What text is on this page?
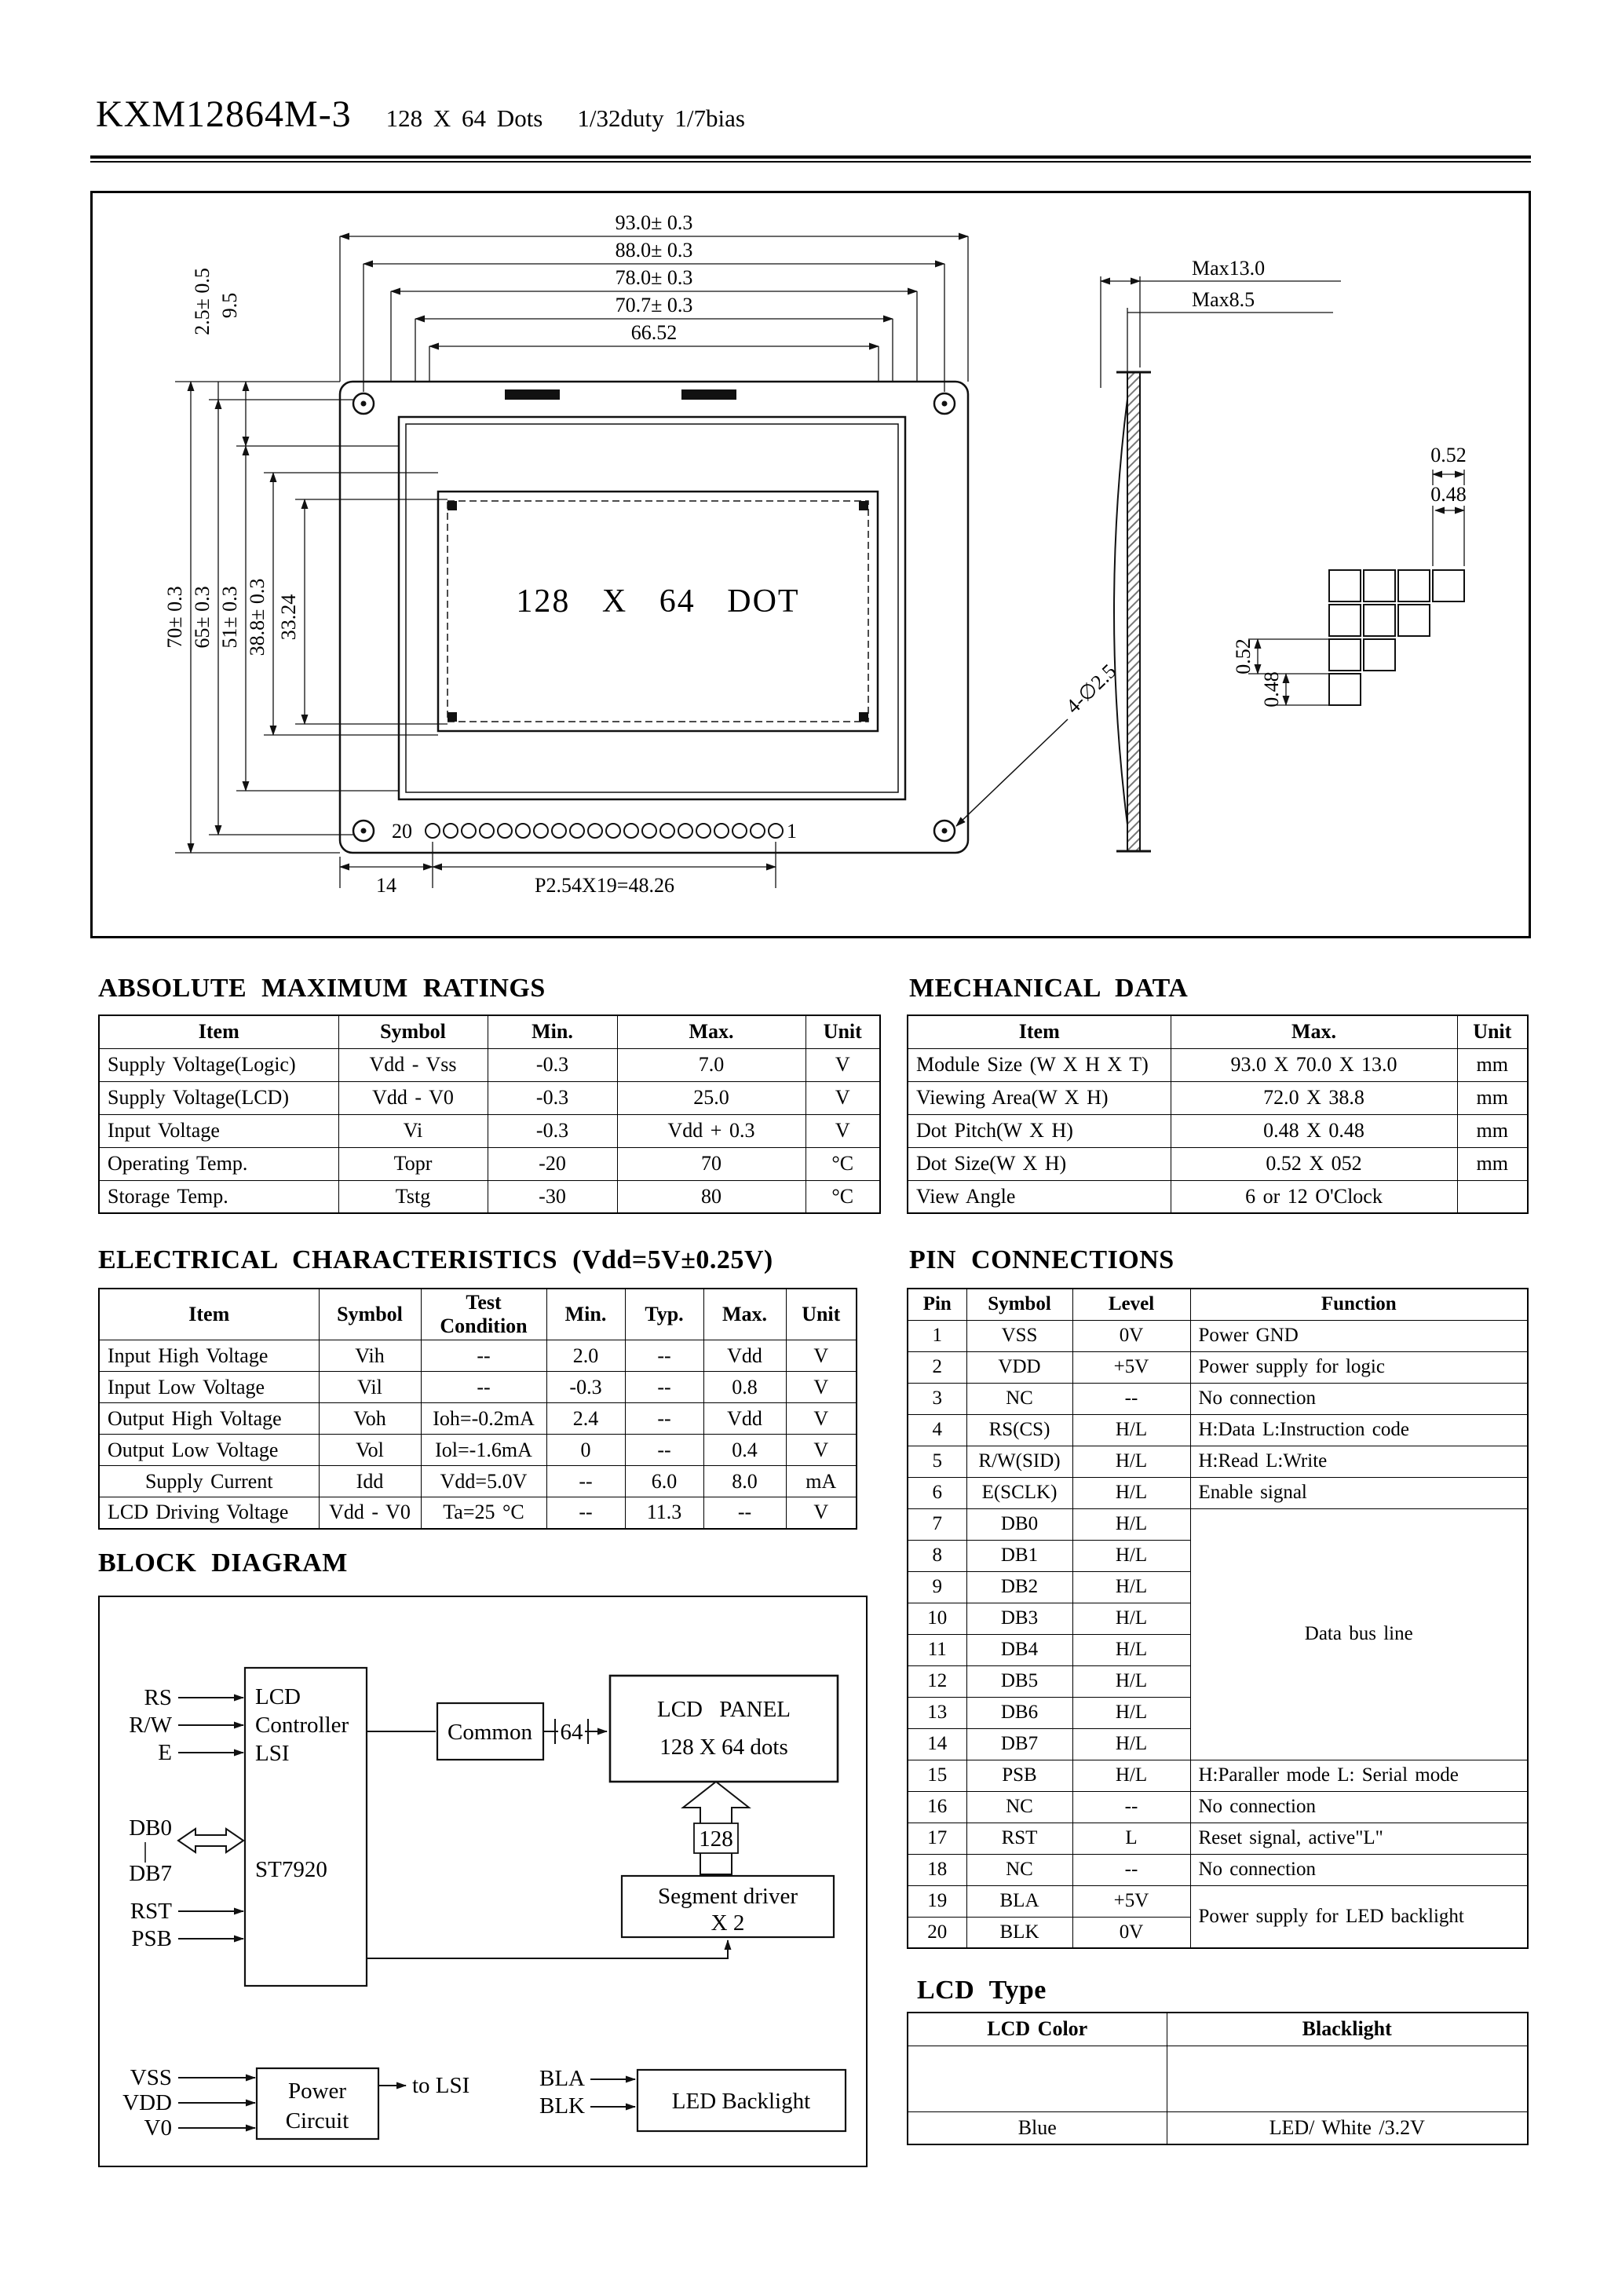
KXM12864M-3 128 X 64 Dots 1/32duty 1/7bias
128 X 64 DOT
20	1
93.0± 0.3
88.0± 0.3
78.0± 0.3
70.7± 0.3
66.52
70± 0.3 65± 0.3 51± 0.3 38.8± 0.3 33.24
2.5± 0.5 9.5
14	P2.54X19=48.26
4-∅2.5
Max13.0
Max8.5
0.52
0.48
0.52
0.48
ABSOLUTE MAXIMUM RATINGS	MECHANICAL DATA
ELECTRICAL CHARACTERISTICS (Vdd=5V±0.25V)	PIN CONNECTIONS
BLOCK DIAGRAM
LCD Type
Item	Symbol	Min.	Max.	Unit
Supply Voltage(Logic)	Vdd - Vss	-0.3	7.0	V
Supply Voltage(LCD)	Vdd - V0	-0.3	25.0	V
Input Voltage	Vi	-0.3	Vdd + 0.3	V
Operating Temp.	Topr	-20	70	°C
Storage Temp.	Tstg	-30	80	°C
Item	Max.	Unit
Module Size (W X H X T)	93.0 X 70.0 X 13.0	mm
Viewing Area(W X H)	72.0 X 38.8	mm
Dot Pitch(W X H)	0.48 X 0.48	mm
Dot Size(W X H)	0.52 X 052	mm
View Angle	6 or 12 O'Clock	
Item	Symbol	Test Condition	Min.	Typ.	Max.	Unit
Input High Voltage	Vih	--	2.0	--	Vdd	V
Input Low Voltage	Vil	--	-0.3	--	0.8	V
Output High Voltage	Voh	Ioh=-0.2mA	2.4	--	Vdd	V
Output Low Voltage	Vol	Iol=-1.6mA	0	--	0.4	V
Supply Current	Idd	Vdd=5.0V	--	6.0	8.0	mA
LCD Driving Voltage	Vdd - V0	Ta=25 °C	--	11.3	--	V
Pin	Symbol	Level	Function
1	VSS	0V	Power GND
2	VDD	+5V	Power supply for logic
3	NC	--	No connection
4	RS(CS)	H/L	H:Data L:Instruction code
5	R/W(SID)	H/L	H:Read L:Write
6	E(SCLK)	H/L	Enable signal
7	DB0	H/L	Data bus line
8	DB1	H/L	
9	DB2	H/L	
10	DB3	H/L	
11	DB4	H/L	
12	DB5	H/L	
13	DB6	H/L	
14	DB7	H/L	
15	PSB	H/L	H:Paraller mode L: Serial mode
16	NC	--	No connection
17	RST	L	Reset signal, active"L"
18	NC	--	No connection
19	BLA	+5V	Power supply for LED backlight
20	BLK	0V	
LCD Color	Blacklight

Blue	LED/ White /3.2V
RS
R/W
E
DB0
|
DB7
RST
PSB
LCD
Controller
LSI
ST7920
Common 64
LCD PANEL
128 X 64 dots
128
Segment driver
X 2
VSS
VDD
V0
Power
Circuit
to LSI	BLA
BLK	LED Backlight
